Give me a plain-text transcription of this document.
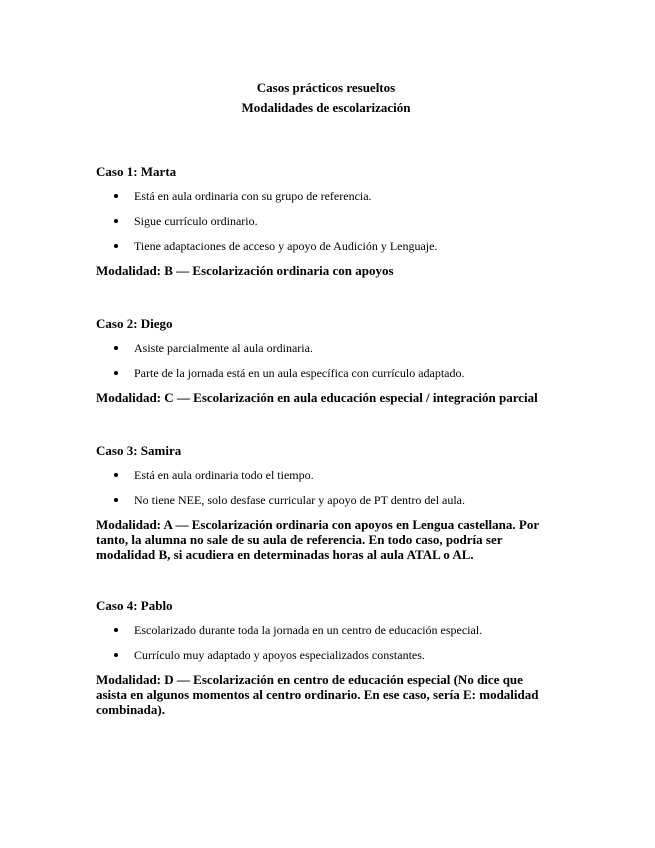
Casos prácticos resueltos
Modalidades de escolarización
Caso 1: Marta
Está en aula ordinaria con su grupo de referencia.
Sigue currículo ordinario.
Tiene adaptaciones de acceso y apoyo de Audición y Lenguaje.
Modalidad: B — Escolarización ordinaria con apoyos
Caso 2: Diego
Asiste parcialmente al aula ordinaria.
Parte de la jornada está en un aula específica con currículo adaptado.
Modalidad: C — Escolarización en aula educación especial / integración parcial
Caso 3: Samira
Está en aula ordinaria todo el tiempo.
No tiene NEE, solo desfase curricular y apoyo de PT dentro del aula.
Modalidad: A — Escolarización ordinaria con apoyos en Lengua castellana. Por tanto, la alumna no sale de su aula de referencia. En todo caso, podría ser modalidad B, si acudiera en determinadas horas al aula ATAL o AL.
Caso 4: Pablo
Escolarizado durante toda la jornada en un centro de educación especial.
Currículo muy adaptado y apoyos especializados constantes.
Modalidad: D — Escolarización en centro de educación especial (No dice que asista en algunos momentos al centro ordinario. En ese caso, sería E: modalidad combinada).
